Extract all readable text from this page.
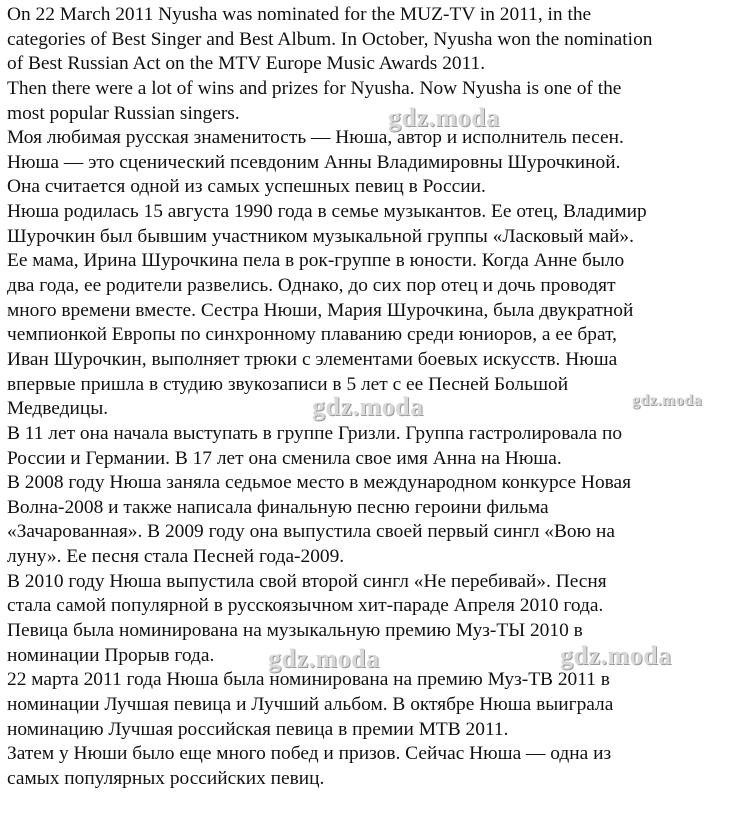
On 22 March 2011 Nyusha was nominated for the MUZ-TV in 2011, in the
categories of Best Singer and Best Album. In October, Nyusha won the nomination
of Best Russian Act on the MTV Europe Music Awards 2011.
Then there were a lot of wins and prizes for Nyusha. Now Nyusha is one of the
most popular Russian singers.
Моя любимая русская знаменитость — Нюша, автор и исполнитель песен.
Нюша — это сценический псевдоним Анны Владимировны Шурочкиной.
Она считается одной из самых успешных певиц в России.
Нюша родилась 15 августа 1990 года в семье музыкантов. Ее отец, Владимир
Шурочкин был бывшим участником музыкальной группы «Ласковый май».
Ее мама, Ирина Шурочкина пела в рок-группе в юности. Когда Анне было
два года, ее родители развелись. Однако, до сих пор отец и дочь проводят
много времени вместе. Сестра Нюши, Мария Шурочкина, была двукратной
чемпионкой Европы по синхронному плаванию среди юниоров, а ее брат,
Иван Шурочкин, выполняет трюки с элементами боевых искусств. Нюша
впервые пришла в студию звукозаписи в 5 лет с ее Песней Большой
Медведицы.
В 11 лет она начала выступать в группе Гризли. Группа гастролировала по
России и Германии. В 17 лет она сменила свое имя Анна на Нюша.
В 2008 году Нюша заняла седьмое место в международном конкурсе Новая
Волна-2008 и также написала финальную песню героини фильма
«Зачарованная». В 2009 году она выпустила своей первый сингл «Вою на
луну». Ее песня стала Песней года-2009.
В 2010 году Нюша выпустила свой второй сингл «Не перебивай». Песня
стала самой популярной в русскоязычном хит-параде Апреля 2010 года.
Певица была номинирована на музыкальную премию Муз-ТЫ 2010 в
номинации Прорыв года.
22 марта 2011 года Нюша была номинирована на премию Муз-ТВ 2011 в
номинации Лучшая певица и Лучший альбом. В октябре Нюша выиграла
номинацию Лучшая российская певица в премии МТВ 2011.
Затем у Нюши было еще много побед и призов. Сейчас Нюша — одна из
самых популярных российских певиц.
gdz.moda
gdz.moda	gdz.moda
gdz.moda	gdz.moda
